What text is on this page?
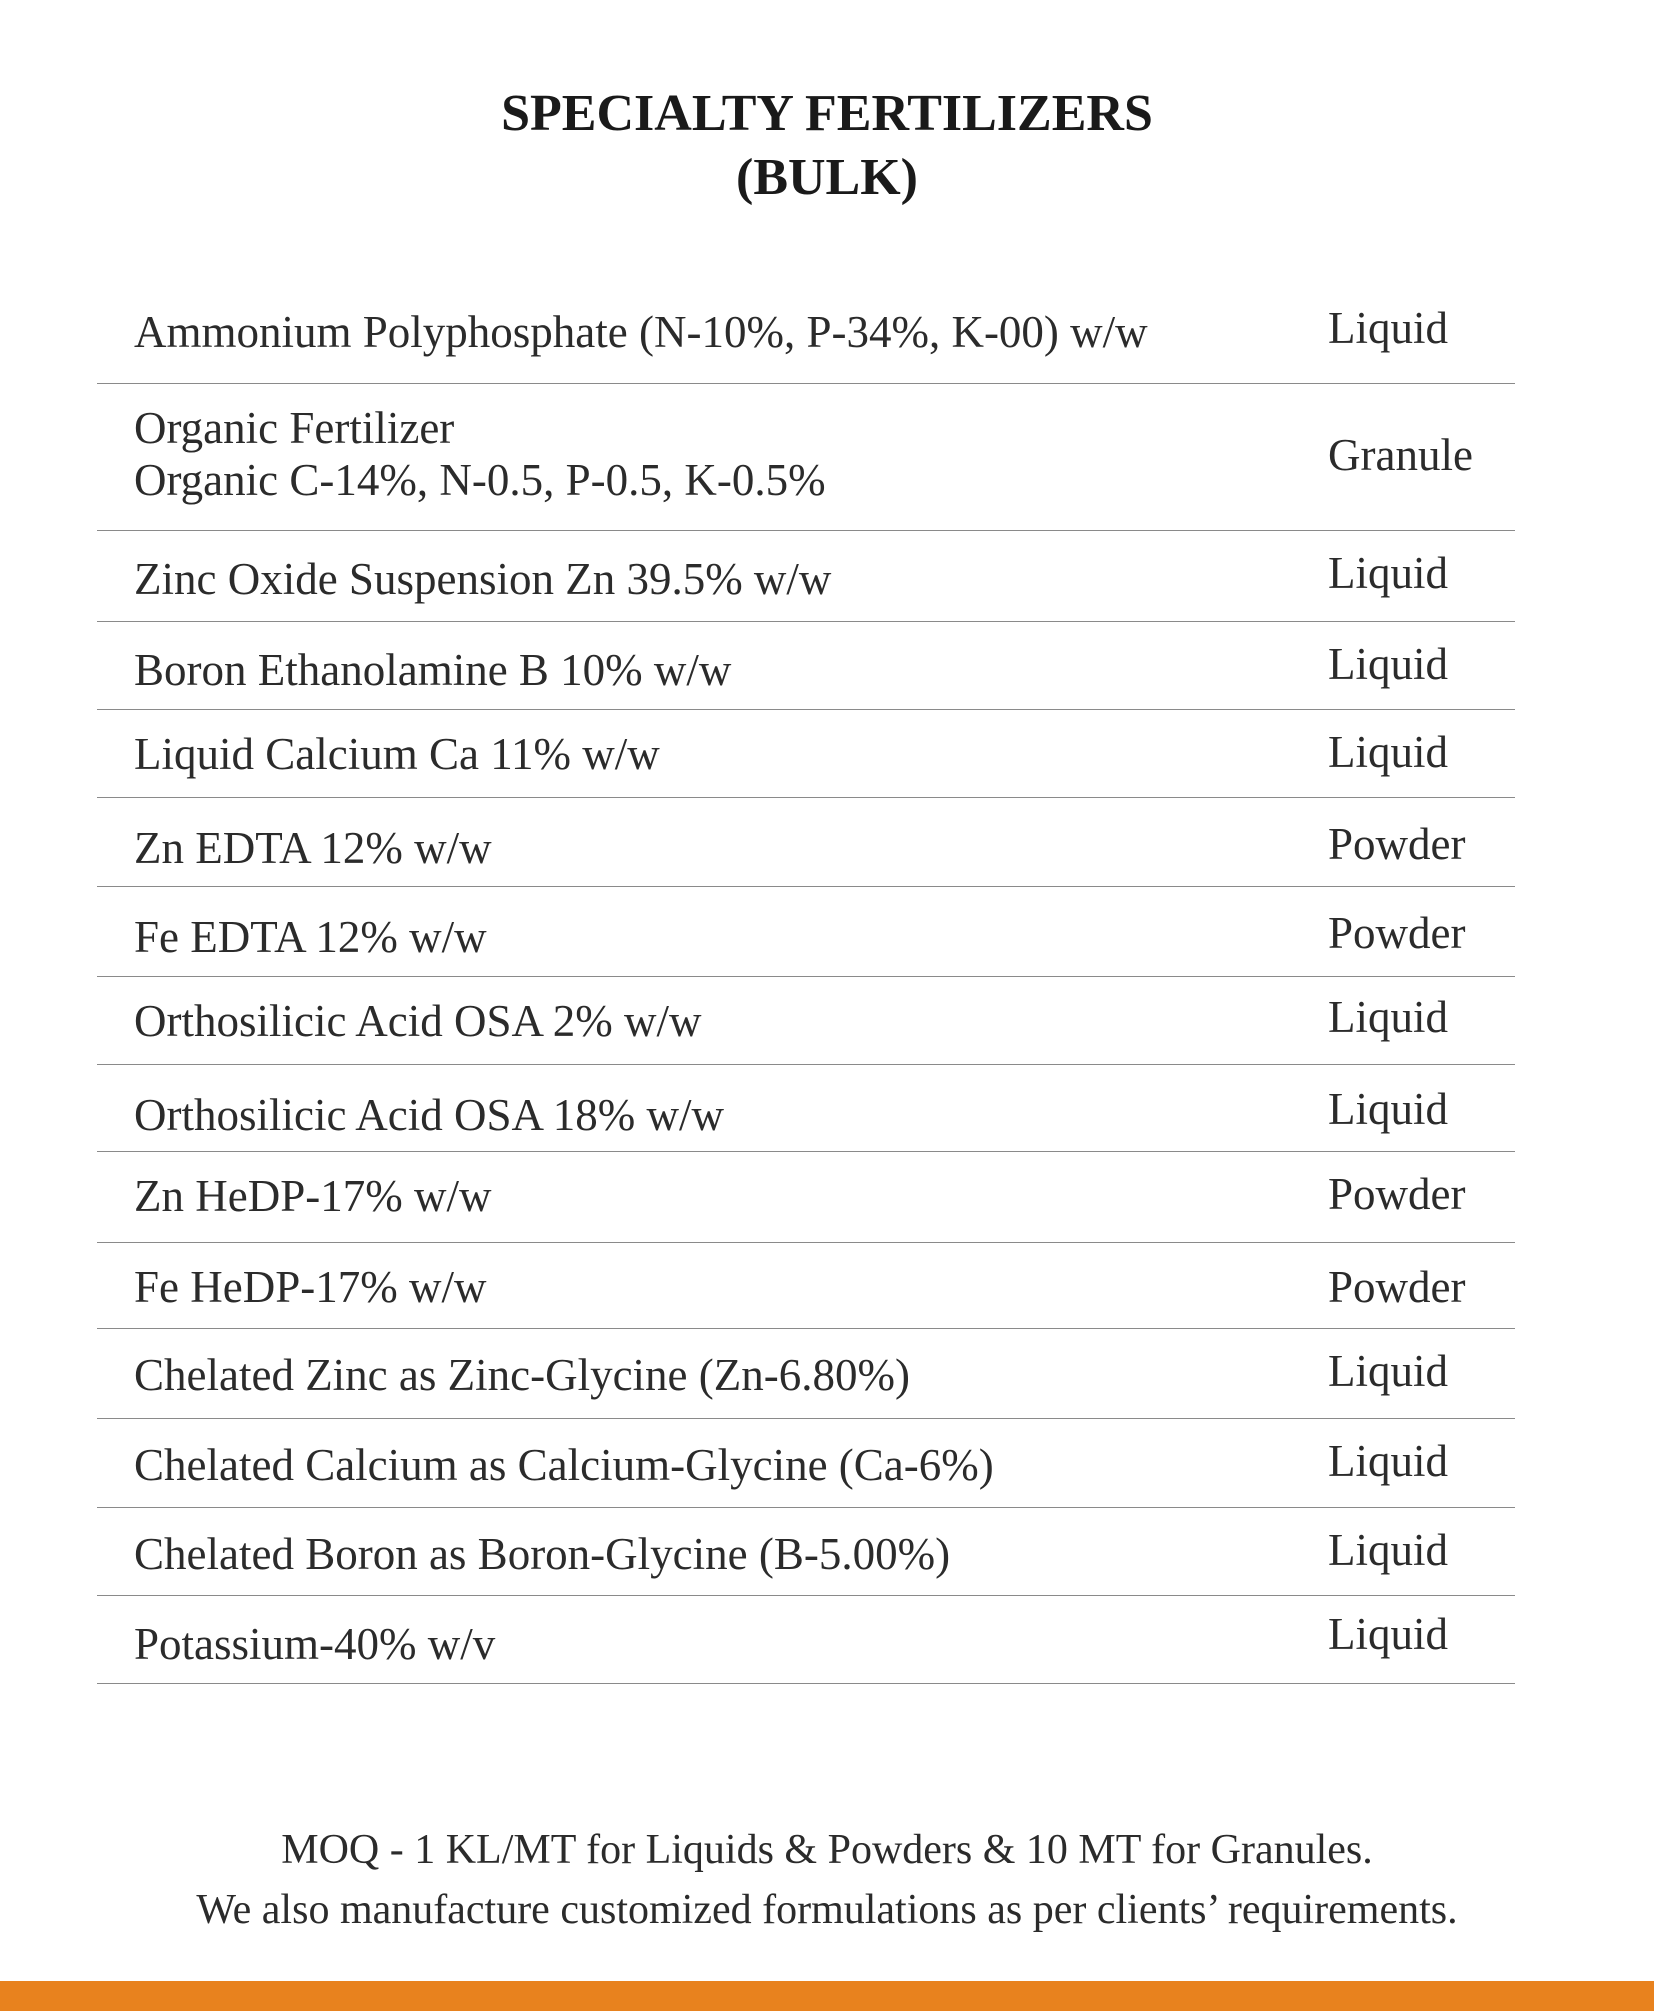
SPECIALTY FERTILIZERS
(BULK)
Ammonium Polyphosphate (N-10%, P-34%, K-00) w/w	Liquid
Organic Fertilizer
Organic C-14%, N-0.5, P-0.5, K-0.5%	Granule
Zinc Oxide Suspension Zn 39.5% w/w	Liquid
Boron Ethanolamine B 10% w/w	Liquid
Liquid Calcium Ca 11% w/w	Liquid
Zn EDTA 12% w/w	Powder
Fe EDTA 12% w/w	Powder
Orthosilicic Acid OSA 2% w/w	Liquid
Orthosilicic Acid OSA 18% w/w	Liquid
Zn HeDP-17% w/w	Powder
Fe HeDP-17% w/w	Powder
Chelated Zinc as Zinc-Glycine (Zn-6.80%)	Liquid
Chelated Calcium as Calcium-Glycine (Ca-6%)	Liquid
Chelated Boron as Boron-Glycine (B-5.00%)	Liquid
Potassium-40% w/v	Liquid
MOQ - 1 KL/MT for Liquids & Powders & 10 MT for Granules.
We also manufacture customized formulations as per clients’ requirements.
